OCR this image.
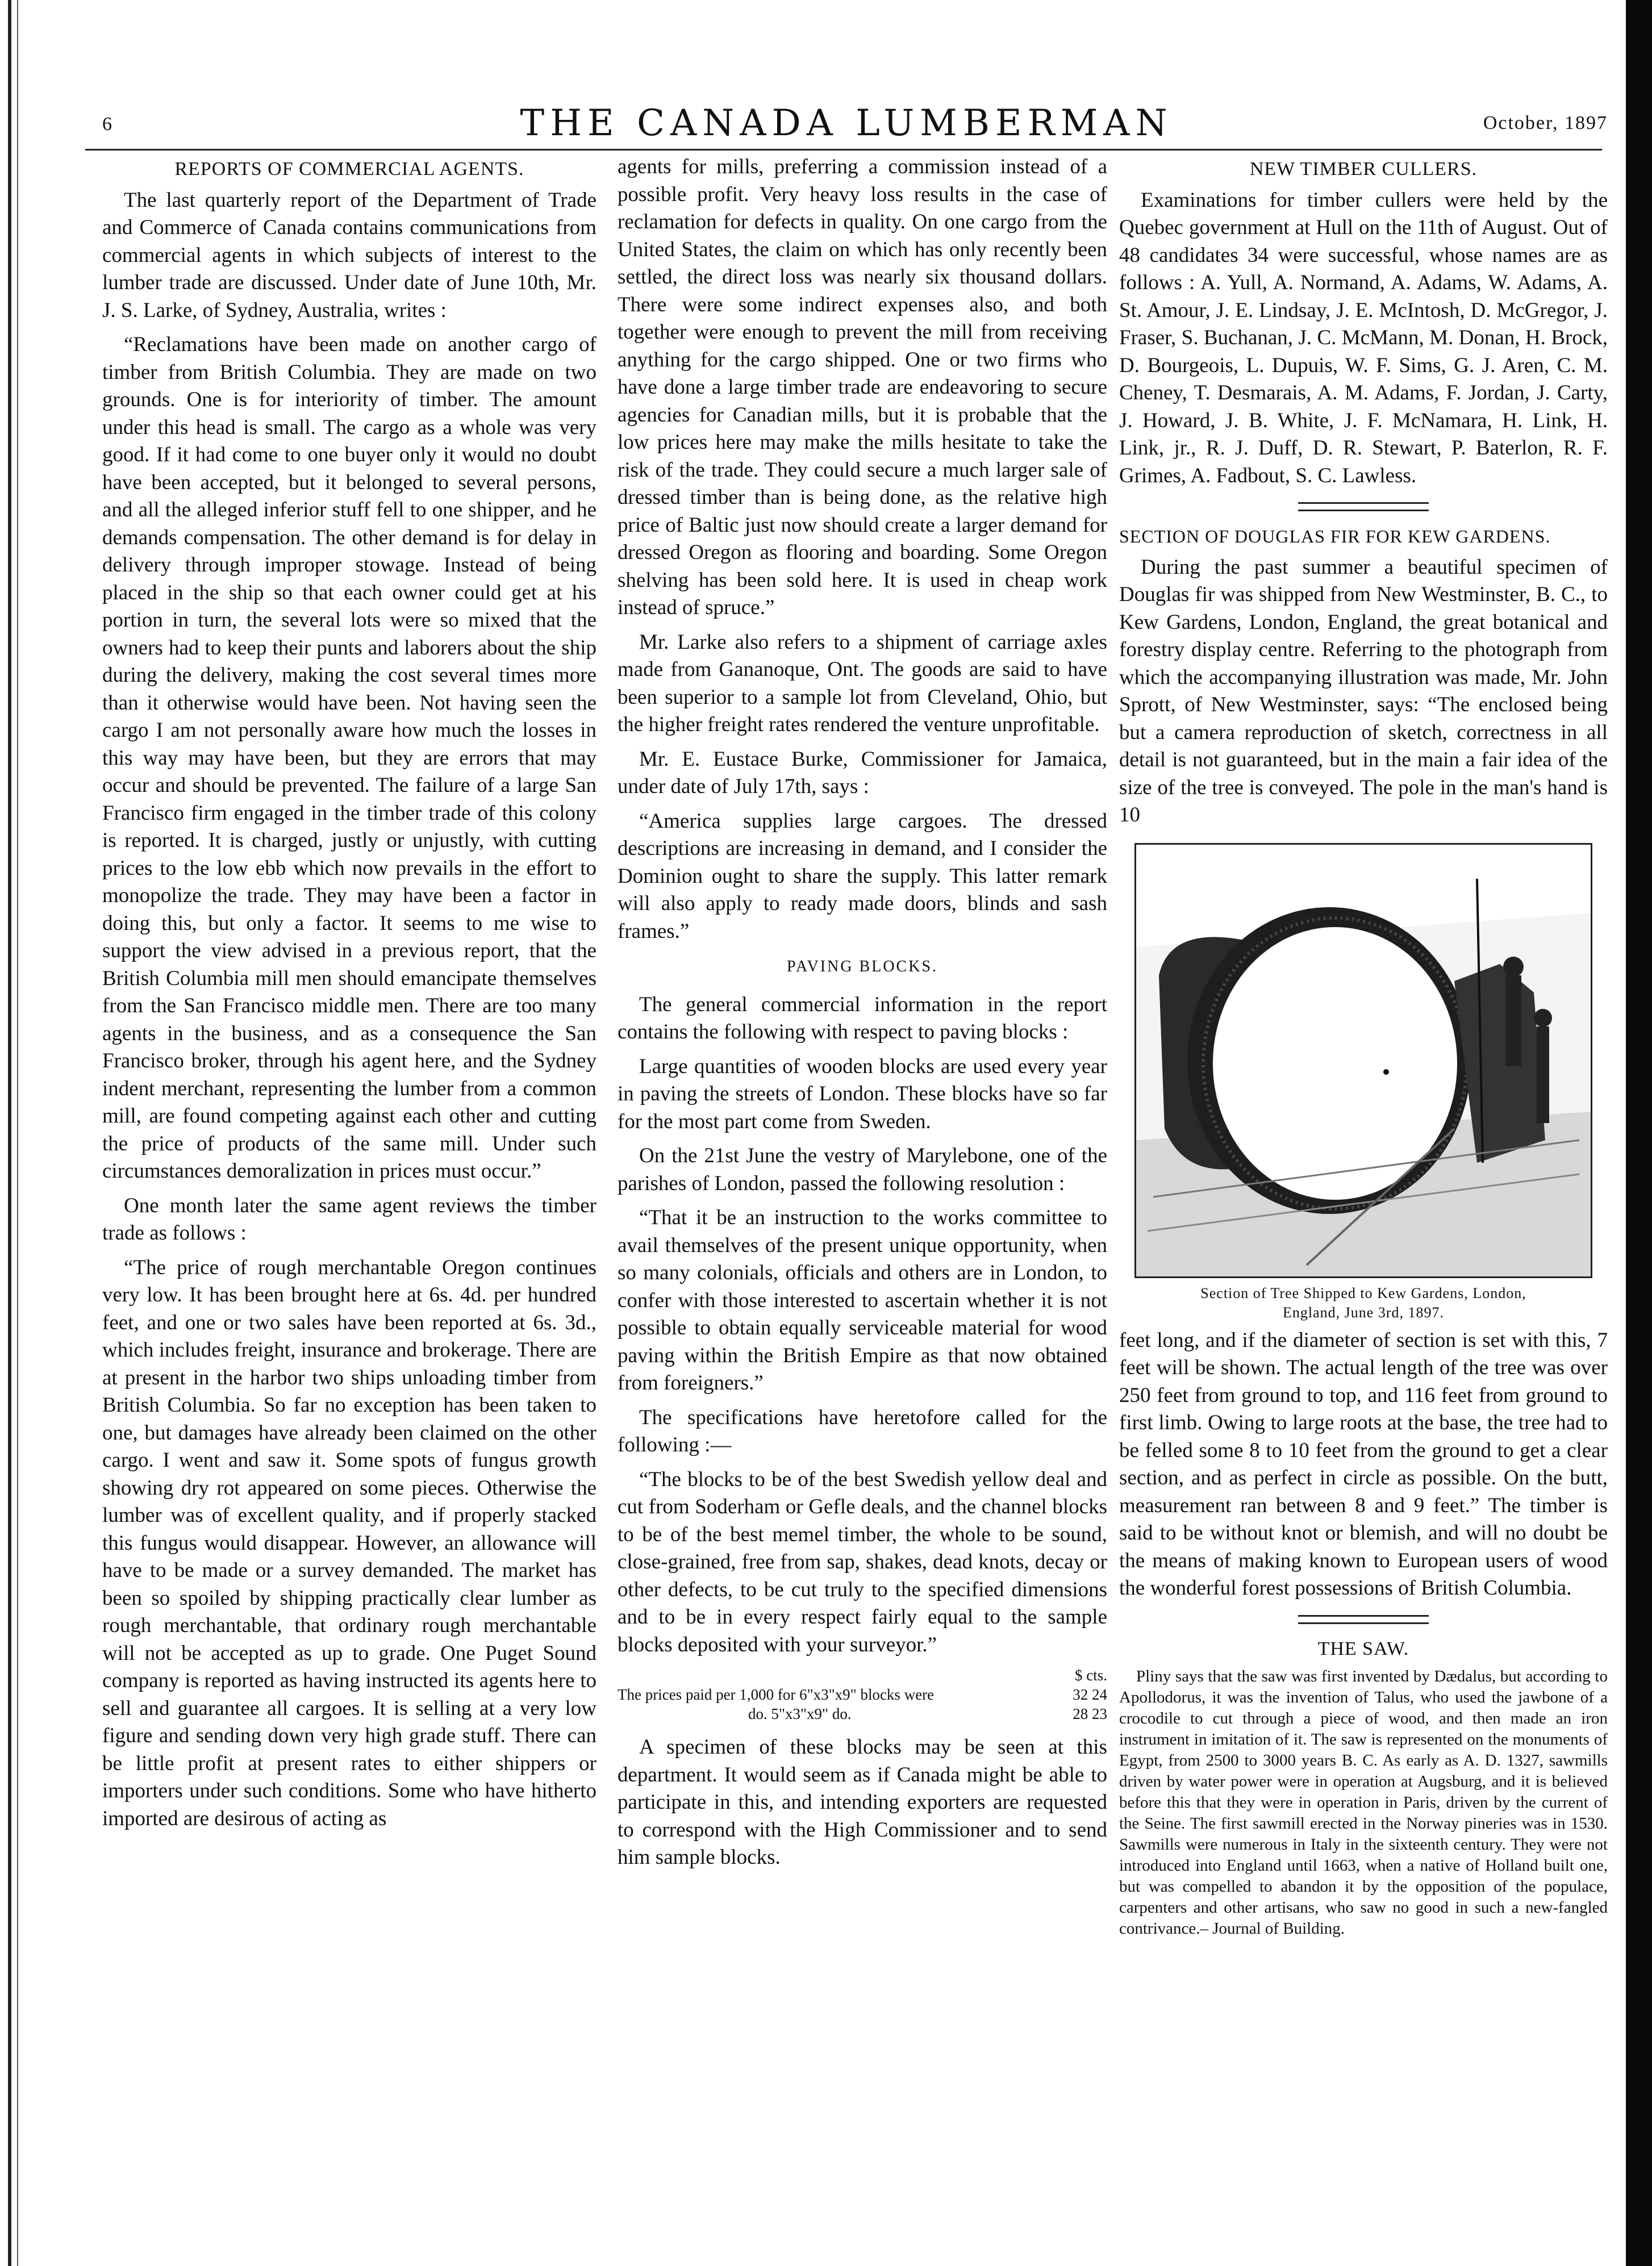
6	THE CANADA LUMBERMAN	October, 1897
REPORTS OF COMMERCIAL AGENTS.

The last quarterly report of the Department of Trade and Commerce of Canada contains communications from commercial agents in which subjects of interest to the lumber trade are discussed. Under date of June 10th, Mr. J. S. Larke, of Sydney, Australia, writes :

“Reclamations have been made on another cargo of timber from British Columbia. They are made on two grounds. One is for interiority of timber. The amount under this head is small. The cargo as a whole was very good. If it had come to one buyer only it would no doubt have been accepted, but it belonged to several persons, and all the alleged inferior stuff fell to one shipper, and he demands compensation. The other demand is for delay in delivery through improper stowage. Instead of being placed in the ship so that each owner could get at his portion in turn, the several lots were so mixed that the owners had to keep their punts and laborers about the ship during the delivery, making the cost several times more than it otherwise would have been. Not having seen the cargo I am not personally aware how much the losses in this way may have been, but they are errors that may occur and should be prevented. The failure of a large San Francisco firm engaged in the timber trade of this colony is reported. It is charged, justly or unjustly, with cutting prices to the low ebb which now prevails in the effort to monopolize the trade. They may have been a factor in doing this, but only a factor. It seems to me wise to support the view advised in a previous report, that the British Columbia mill men should emancipate themselves from the San Francisco middle men. There are too many agents in the business, and as a consequence the San Francisco broker, through his agent here, and the Sydney indent merchant, representing the lumber from a common mill, are found competing against each other and cutting the price of products of the same mill. Under such circumstances demoralization in prices must occur.”

One month later the same agent reviews the timber trade as follows :

“The price of rough merchantable Oregon continues very low. It has been brought here at 6s. 4d. per hundred feet, and one or two sales have been reported at 6s. 3d., which includes freight, insurance and brokerage. There are at present in the harbor two ships unloading timber from British Columbia. So far no exception has been taken to one, but damages have already been claimed on the other cargo. I went and saw it. Some spots of fungus growth showing dry rot appeared on some pieces. Otherwise the lumber was of excellent quality, and if properly stacked this fungus would disappear. However, an allowance will have to be made or a survey demanded. The market has been so spoiled by shipping practically clear lumber as rough merchantable, that ordinary rough merchantable will not be accepted as up to grade. One Puget Sound company is reported as having instructed its agents here to sell and guarantee all cargoes. It is selling at a very low figure and sending down very high grade stuff. There can be little profit at present rates to either shippers or importers under such conditions. Some who have hitherto imported are desirous of acting as

agents for mills, preferring a commission instead of a possible profit. Very heavy loss results in the case of reclamation for defects in quality. On one cargo from the United States, the claim on which has only recently been settled, the direct loss was nearly six thousand dollars. There were some indirect expenses also, and both together were enough to prevent the mill from receiving anything for the cargo shipped. One or two firms who have done a large timber trade are endeavoring to secure agencies for Canadian mills, but it is probable that the low prices here may make the mills hesitate to take the risk of the trade. They could secure a much larger sale of dressed timber than is being done, as the relative high price of Baltic just now should create a larger demand for dressed Oregon as flooring and boarding. Some Oregon shelving has been sold here. It is used in cheap work instead of spruce.”

Mr. Larke also refers to a shipment of carriage axles made from Gananoque, Ont. The goods are said to have been superior to a sample lot from Cleveland, Ohio, but the higher freight rates rendered the venture unprofitable.

Mr. E. Eustace Burke, Commissioner for Jamaica, under date of July 17th, says :

“America supplies large cargoes. The dressed descriptions are increasing in demand, and I consider the Dominion ought to share the supply. This latter remark will also apply to ready made doors, blinds and sash frames.”

PAVING BLOCKS.

The general commercial information in the report contains the following with respect to paving blocks :

Large quantities of wooden blocks are used every year in paving the streets of London. These blocks have so far for the most part come from Sweden.

On the 21st June the vestry of Marylebone, one of the parishes of London, passed the following resolution :

“That it be an instruction to the works committee to avail themselves of the present unique opportunity, when so many colonials, officials and others are in London, to confer with those interested to ascertain whether it is not possible to obtain equally serviceable material for wood paving within the British Empire as that now obtained from foreigners.”

The specifications have heretofore called for the following :—

“The blocks to be of the best Swedish yellow deal and cut from Soderham or Gefle deals, and the channel blocks to be of the best memel timber, the whole to be sound, close-grained, free from sap, shakes, dead knots, decay or other defects, to be cut truly to the specified dimensions and to be in every respect fairly equal to the sample blocks deposited with your surveyor.”

$ cts.
The prices paid per 1,000 for 6"x3"x9" blocks were	32 24
do. 5"x3"x9" do.	28 23

A specimen of these blocks may be seen at this department. It would seem as if Canada might be able to participate in this, and intending exporters are requested to correspond with the High Commissioner and to send him sample blocks.

NEW TIMBER CULLERS.

Examinations for timber cullers were held by the Quebec government at Hull on the 11th of August. Out of 48 candidates 34 were successful, whose names are as follows : A. Yull, A. Normand, A. Adams, W. Adams, A. St. Amour, J. E. Lindsay, J. E. McIntosh, D. McGregor, J. Fraser, S. Buchanan, J. C. McMann, M. Donan, H. Brock, D. Bourgeois, L. Dupuis, W. F. Sims, G. J. Aren, C. M. Cheney, T. Desmarais, A. M. Adams, F. Jordan, J. Carty, J. Howard, J. B. White, J. F. McNamara, H. Link, H. Link, jr., R. J. Duff, D. R. Stewart, P. Baterlon, R. F. Grimes, A. Fadbout, S. C. Lawless.

SECTION OF DOUGLAS FIR FOR KEW GARDENS.

During the past summer a beautiful specimen of Douglas fir was shipped from New Westminster, B. C., to Kew Gardens, London, England, the great botanical and forestry display centre. Referring to the photograph from which the accompanying illustration was made, Mr. John Sprott, of New Westminster, says: “The enclosed being but a camera reproduction of sketch, correctness in all detail is not guaranteed, but in the main a fair idea of the size of the tree is conveyed. The pole in the man's hand is 10

Section of Tree Shipped to Kew Gardens, London,
England, June 3rd, 1897.

feet long, and if the diameter of section is set with this, 7 feet will be shown. The actual length of the tree was over 250 feet from ground to top, and 116 feet from ground to first limb. Owing to large roots at the base, the tree had to be felled some 8 to 10 feet from the ground to get a clear section, and as perfect in circle as possible. On the butt, measurement ran between 8 and 9 feet.” The timber is said to be without knot or blemish, and will no doubt be the means of making known to European users of wood the wonderful forest possessions of British Columbia.

THE SAW.

Pliny says that the saw was first invented by Dædalus, but according to Apollodorus, it was the invention of Talus, who used the jawbone of a crocodile to cut through a piece of wood, and then made an iron instrument in imitation of it. The saw is represented on the monuments of Egypt, from 2500 to 3000 years B. C. As early as A. D. 1327, sawmills driven by water power were in operation at Augsburg, and it is believed before this that they were in operation in Paris, driven by the current of the Seine. The first sawmill erected in the Norway pineries was in 1530. Sawmills were numerous in Italy in the sixteenth century. They were not introduced into England until 1663, when a native of Holland built one, but was compelled to abandon it by the opposition of the populace, carpenters and other artisans, who saw no good in such a new-fangled contrivance.– Journal of Building.
